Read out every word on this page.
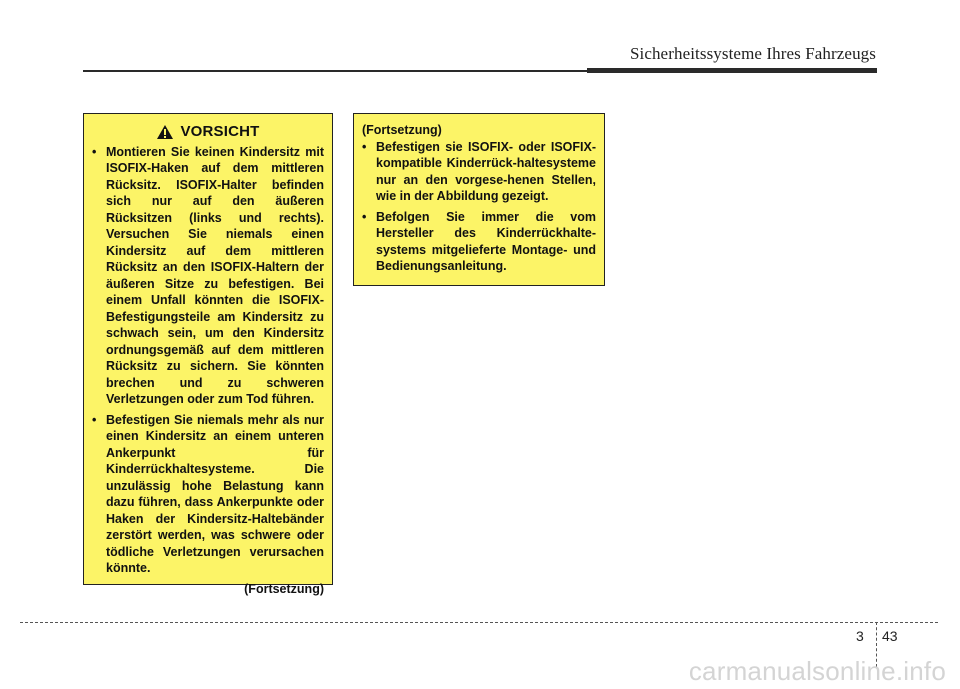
Sicherheitssysteme Ihres Fahrzeugs
VORSICHT
• Montieren Sie keinen Kindersitz mit ISOFIX-Haken auf dem mittleren Rücksitz. ISOFIX-Halter befinden sich nur auf den äußeren Rücksitzen (links und rechts). Versuchen Sie niemals einen Kindersitz auf dem mittleren Rücksitz an den ISOFIX-Haltern der äußeren Sitze zu befestigen. Bei einem Unfall könnten die ISOFIX-Befestigungsteile am Kindersitz zu schwach sein, um den Kindersitz ordnungsgemäß auf dem mittleren Rücksitz zu sichern. Sie könnten brechen und zu schweren Verletzungen oder zum Tod führen.
• Befestigen Sie niemals mehr als nur einen Kindersitz an einem unteren Ankerpunkt für Kinderrückhaltesysteme. Die unzulässig hohe Belastung kann dazu führen, dass Ankerpunkte oder Haken der Kindersitz-Haltebänder zerstört werden, was schwere oder tödliche Verletzungen verursachen könnte.
(Fortsetzung)
(Fortsetzung)
• Befestigen sie ISOFIX- oder ISOFIX-kompatible Kinderrück-haltesysteme nur an den vorgese-henen Stellen, wie in der Abbildung gezeigt.
• Befolgen Sie immer die vom Hersteller des Kinderrückhalte-systems mitgelieferte Montage- und Bedienungsanleitung.
3 43
carmanualsonline.info
